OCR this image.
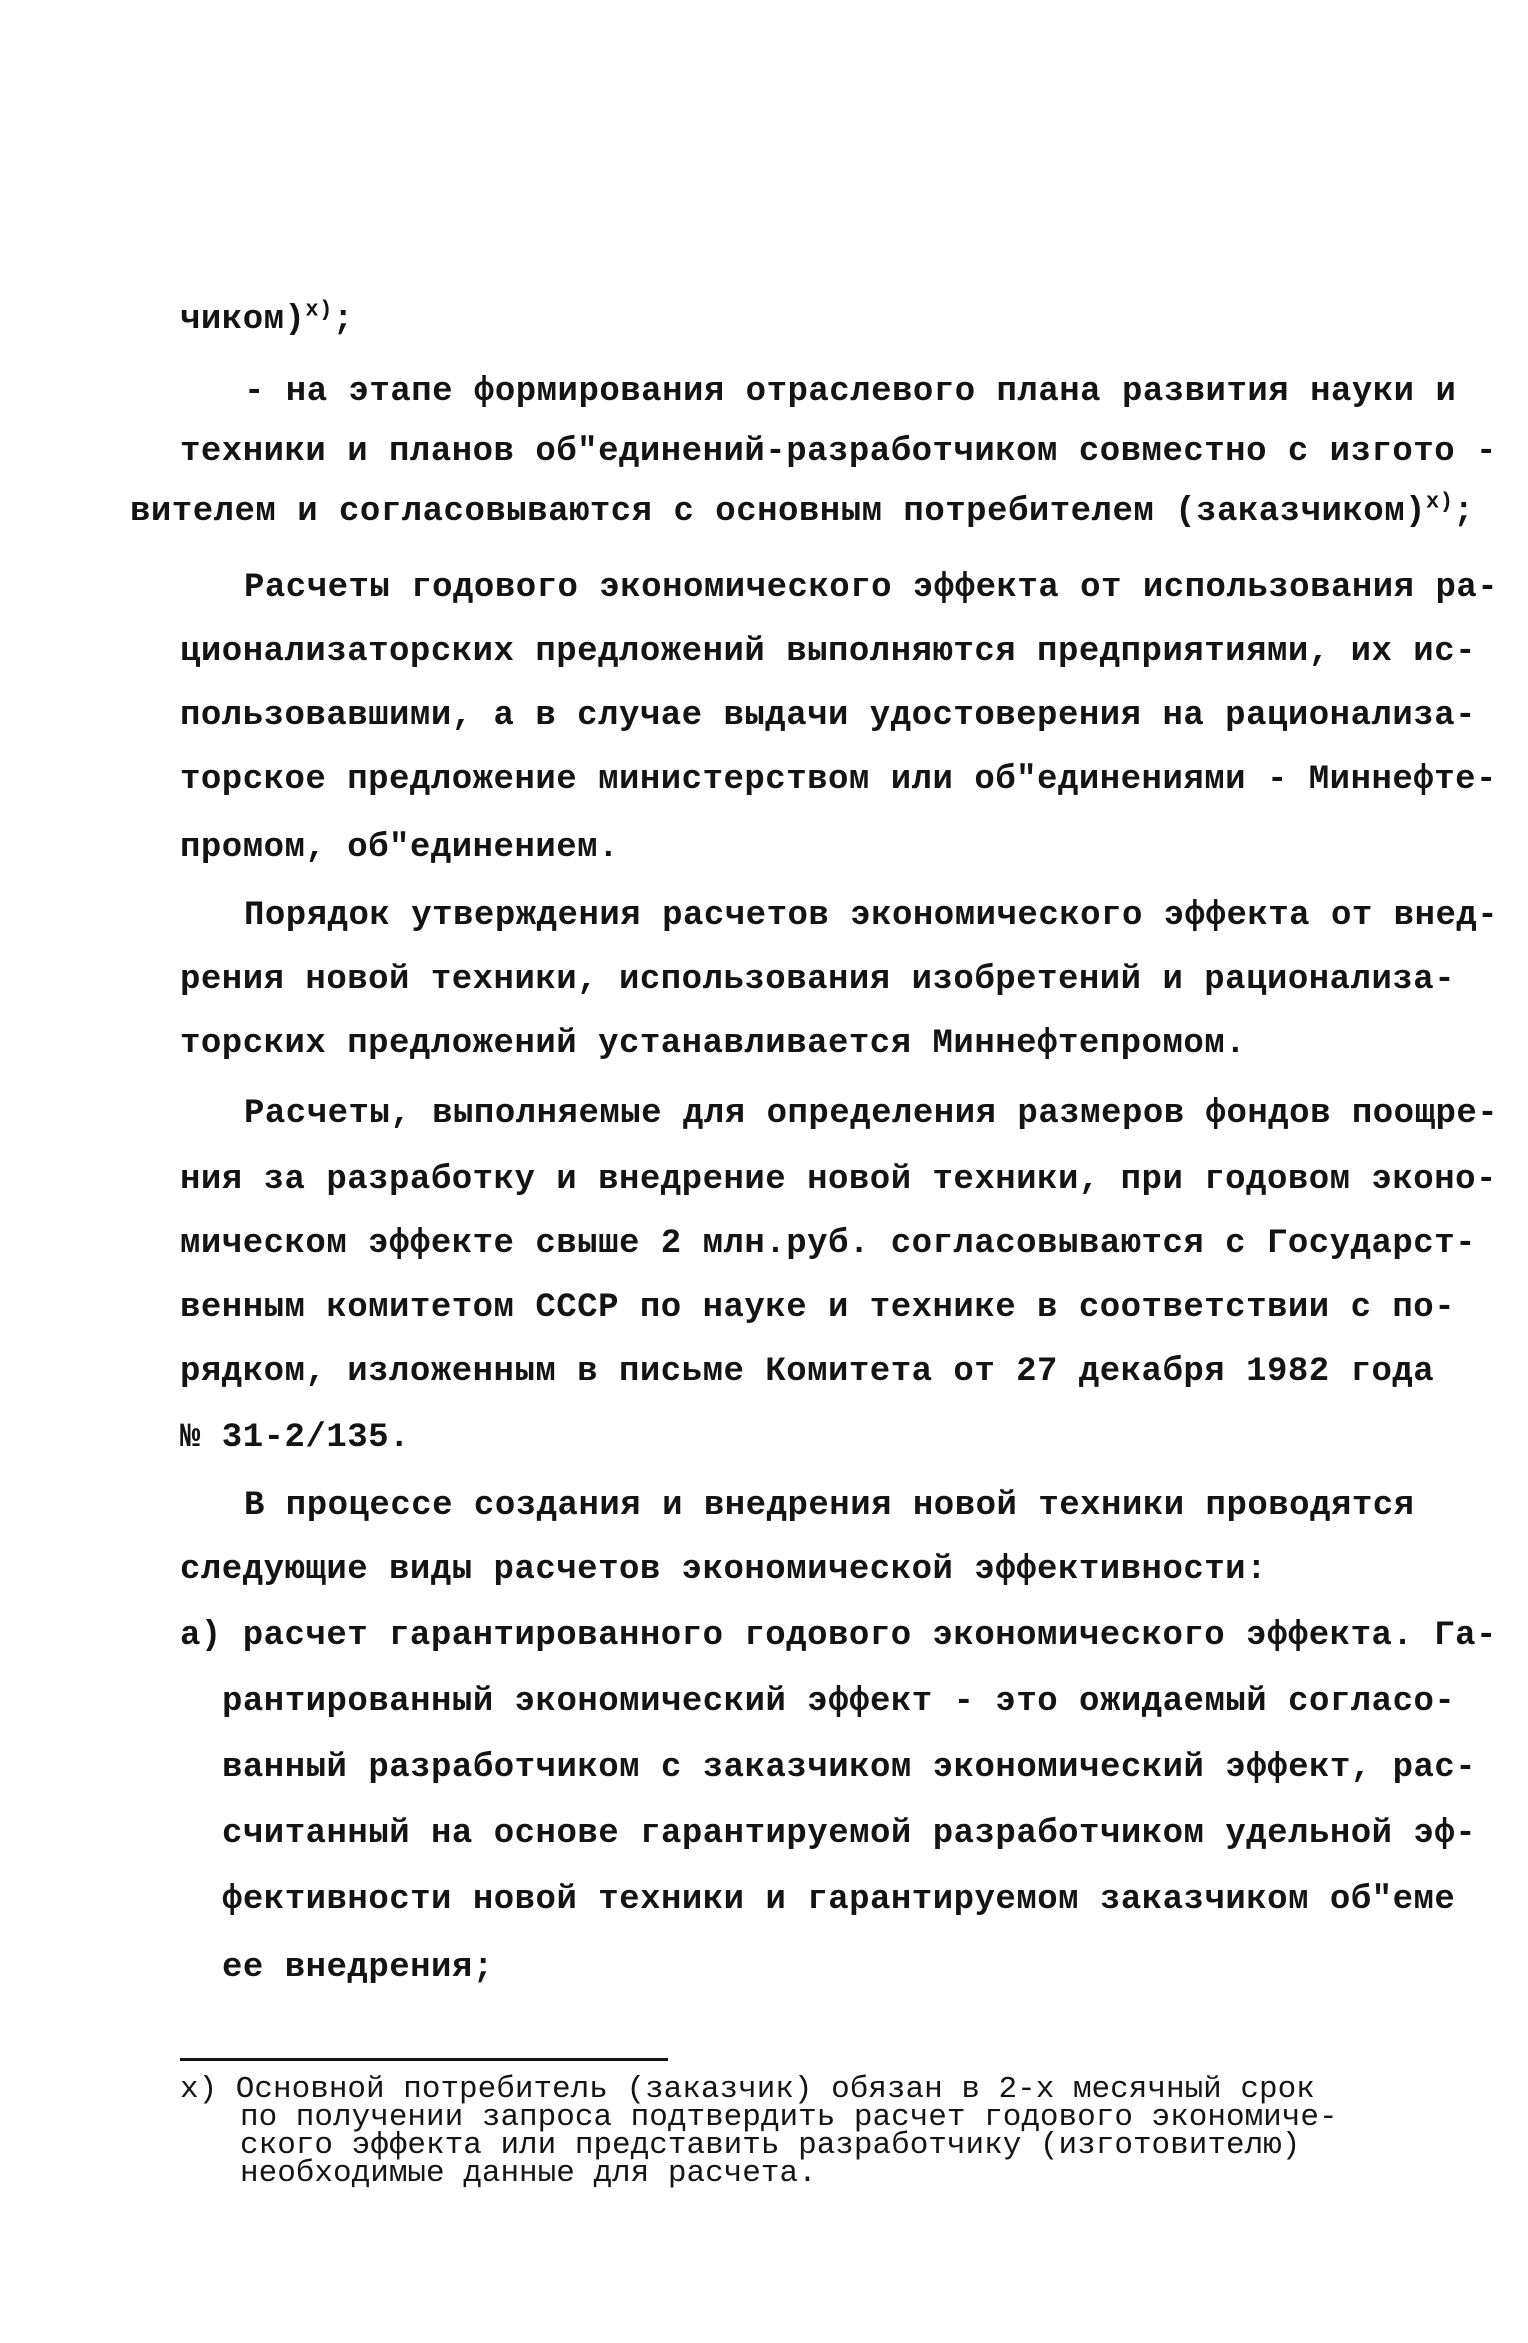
чиком)$^{x)}$;
- на этапе формирования отраслевого плана развития науки и
техники и планов об"единений-разработчиком совместно с изгото -
вителем и согласовываются с основным потребителем (заказчиком)$^{x)}$;
Расчеты годового экономического эффекта от использования ра-
ционализаторских предложений выполняются предприятиями, их ис-
пользовавшими, а в случае выдачи удостоверения на рационализа-
торское предложение министерством или об"единениями - Миннефте-
промом, об"единением.
Порядок утверждения расчетов экономического эффекта от внед-
рения новой техники, использования изобретений и рационализа-
торских предложений устанавливается Миннефтепромом.
Расчеты, выполняемые для определения размеров фондов поощре-
ния за разработку и внедрение новой техники, при годовом эконо-
мическом эффекте свыше 2 млн.руб. согласовываются с Государст-
венным комитетом СССР по науке и технике в соответствии с по-
рядком, изложенным в письме Комитета от 27 декабря 1982 года
№ 31-2/135.
В процессе создания и внедрения новой техники проводятся
следующие виды расчетов экономической эффективности:
а) расчет гарантированного годового экономического эффекта. Га-
рантированный экономический эффект - это ожидаемый согласо-
ванный разработчиком с заказчиком экономический эффект, рас-
считанный на основе гарантируемой разработчиком удельной эф-
фективности новой техники и гарантируемом заказчиком об"еме
ее внедрения;
х) Основной потребитель (заказчик) обязан в 2-х месячный срок
по получении запроса подтвердить расчет годового экономиче-
ского эффекта или представить разработчику (изготовителю)
необходимые данные для расчета.
